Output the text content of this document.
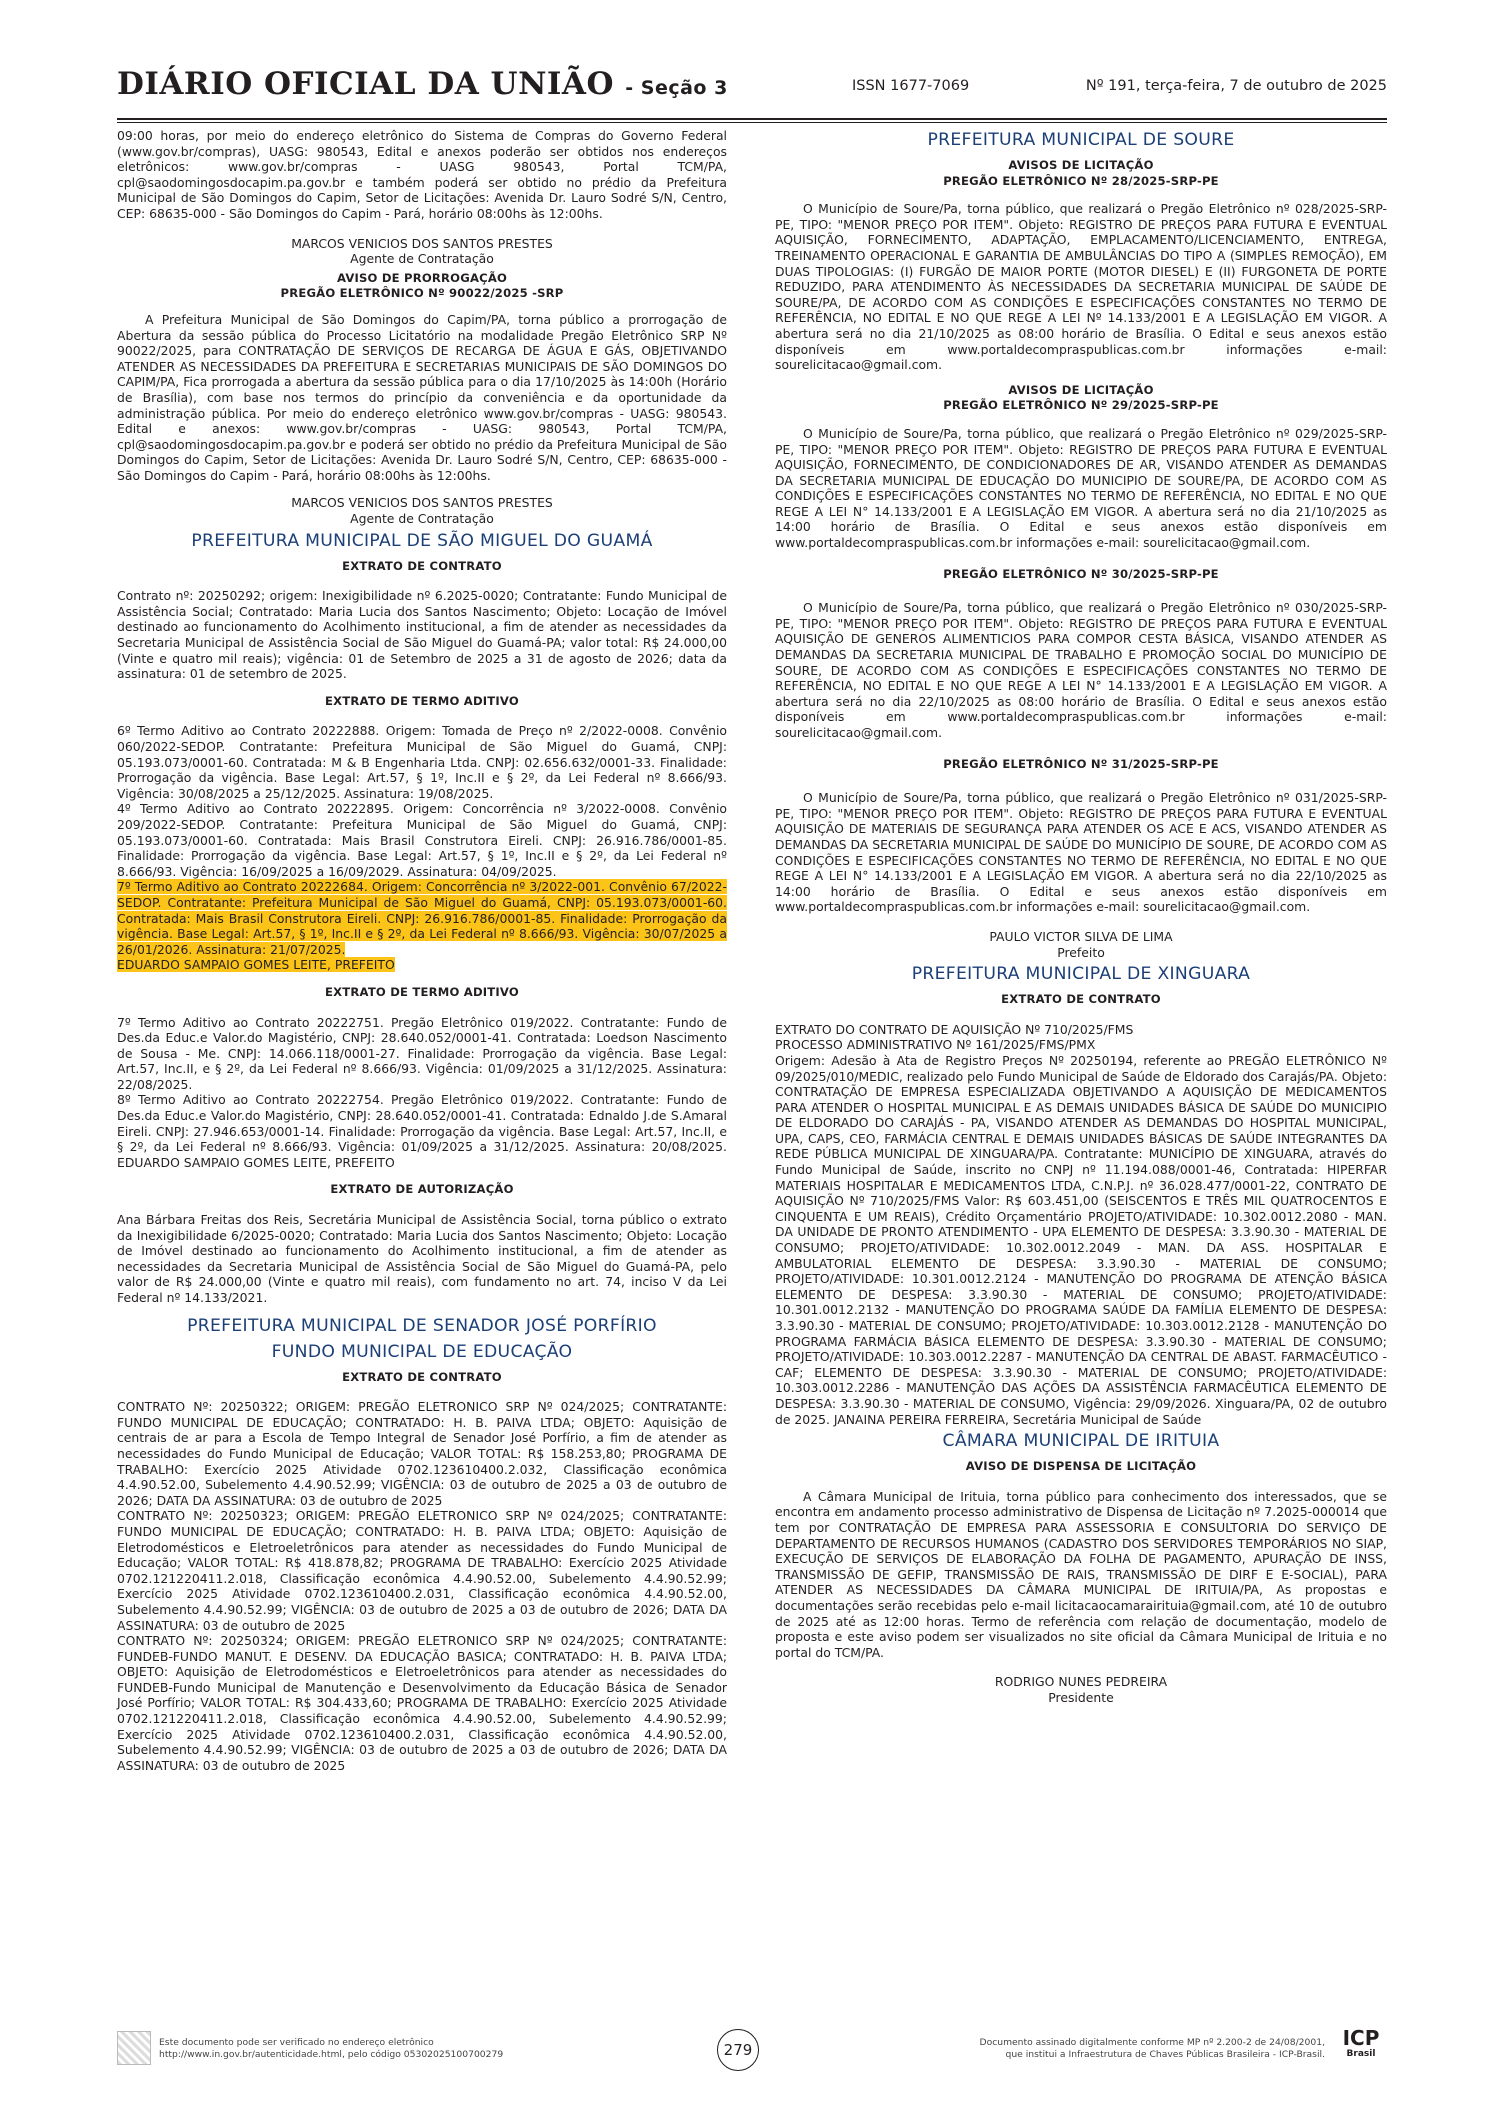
DIÁRIO OFICIAL DA UNIÃO - Seção 3	ISSN 1677-7069	Nº 191, terça-feira, 7 de outubro de 2025

09:00 horas, por meio do endereço eletrônico do Sistema de Compras do Governo Federal (www.gov.br/compras), UASG: 980543, Edital e anexos poderão ser obtidos nos endereços eletrônicos: www.gov.br/compras - UASG 980543, Portal TCM/PA, cpl@saodomingosdocapim.pa.gov.br e também poderá ser obtido no prédio da Prefeitura Municipal de São Domingos do Capim, Setor de Licitações: Avenida Dr. Lauro Sodré S/N, Centro, CEP: 68635-000 - São Domingos do Capim - Pará, horário 08:00hs às 12:00hs.

MARCOS VENICIOS DOS SANTOS PRESTES

Agente de Contratação

AVISO DE PRORROGAÇÃO
PREGÃO ELETRÔNICO Nº 90022/2025 -SRP

A Prefeitura Municipal de São Domingos do Capim/PA, torna público a prorrogação de Abertura da sessão pública do Processo Licitatório na modalidade Pregão Eletrônico SRP Nº 90022/2025, para CONTRATAÇÃO DE SERVIÇOS DE RECARGA DE ÁGUA E GÁS, OBJETIVANDO ATENDER AS NECESSIDADES DA PREFEITURA E SECRETARIAS MUNICIPAIS DE SÃO DOMINGOS DO CAPIM/PA, Fica prorrogada a abertura da sessão pública para o dia 17/10/2025 às 14:00h (Horário de Brasília), com base nos termos do princípio da conveniência e da oportunidade da administração pública. Por meio do endereço eletrônico www.gov.br/compras - UASG: 980543. Edital e anexos: www.gov.br/compras - UASG: 980543, Portal TCM/PA, cpl@saodomingosdocapim.pa.gov.br e poderá ser obtido no prédio da Prefeitura Municipal de São Domingos do Capim, Setor de Licitações: Avenida Dr. Lauro Sodré S/N, Centro, CEP: 68635-000 - São Domingos do Capim - Pará, horário 08:00hs às 12:00hs.

MARCOS VENICIOS DOS SANTOS PRESTES

Agente de Contratação

PREFEITURA MUNICIPAL DE SÃO MIGUEL DO GUAMÁ
EXTRATO DE CONTRATO

Contrato nº: 20250292; origem: Inexigibilidade nº 6.2025-0020; Contratante: Fundo Municipal de Assistência Social; Contratado: Maria Lucia dos Santos Nascimento; Objeto: Locação de Imóvel destinado ao funcionamento do Acolhimento institucional, a fim de atender as necessidades da Secretaria Municipal de Assistência Social de São Miguel do Guamá-PA; valor total: R$ 24.000,00 (Vinte e quatro mil reais); vigência: 01 de Setembro de 2025 a 31 de agosto de 2026; data da assinatura: 01 de setembro de 2025.

EXTRATO DE TERMO ADITIVO

6º Termo Aditivo ao Contrato 20222888. Origem: Tomada de Preço nº 2/2022-0008. Convênio 060/2022-SEDOP. Contratante: Prefeitura Municipal de São Miguel do Guamá, CNPJ: 05.193.073/0001-60. Contratada: M & B Engenharia Ltda. CNPJ: 02.656.632/0001-33. Finalidade: Prorrogação da vigência. Base Legal: Art.57, § 1º, Inc.II e § 2º, da Lei Federal nº 8.666/93. Vigência: 30/08/2025 a 25/12/2025. Assinatura: 19/08/2025.

4º Termo Aditivo ao Contrato 20222895. Origem: Concorrência nº 3/2022-0008. Convênio 209/2022-SEDOP. Contratante: Prefeitura Municipal de São Miguel do Guamá, CNPJ: 05.193.073/0001-60. Contratada: Mais Brasil Construtora Eireli. CNPJ: 26.916.786/0001-85. Finalidade: Prorrogação da vigência. Base Legal: Art.57, § 1º, Inc.II e § 2º, da Lei Federal nº 8.666/93. Vigência: 16/09/2025 a 16/09/2029. Assinatura: 04/09/2025.

7º Termo Aditivo ao Contrato 20222684. Origem: Concorrência nº 3/2022-001. Convênio 67/2022-SEDOP. Contratante: Prefeitura Municipal de São Miguel do Guamá, CNPJ: 05.193.073/0001-60. Contratada: Mais Brasil Construtora Eireli. CNPJ: 26.916.786/0001-85. Finalidade: Prorrogação da vigência. Base Legal: Art.57, § 1º, Inc.II e § 2º, da Lei Federal nº 8.666/93. Vigência: 30/07/2025 a 26/01/2026. Assinatura: 21/07/2025.

EDUARDO SAMPAIO GOMES LEITE, PREFEITO

EXTRATO DE TERMO ADITIVO

7º Termo Aditivo ao Contrato 20222751. Pregão Eletrônico 019/2022. Contratante: Fundo de Des.da Educ.e Valor.do Magistério, CNPJ: 28.640.052/0001-41. Contratada: Loedson Nascimento de Sousa - Me. CNPJ: 14.066.118/0001-27. Finalidade: Prorrogação da vigência. Base Legal: Art.57, Inc.II, e § 2º, da Lei Federal nº 8.666/93. Vigência: 01/09/2025 a 31/12/2025. Assinatura: 22/08/2025.

8º Termo Aditivo ao Contrato 20222754. Pregão Eletrônico 019/2022. Contratante: Fundo de Des.da Educ.e Valor.do Magistério, CNPJ: 28.640.052/0001-41. Contratada: Ednaldo J.de S.Amaral Eireli. CNPJ: 27.946.653/0001-14. Finalidade: Prorrogação da vigência. Base Legal: Art.57, Inc.II, e § 2º, da Lei Federal nº 8.666/93. Vigência: 01/09/2025 a 31/12/2025. Assinatura: 20/08/2025. EDUARDO SAMPAIO GOMES LEITE, PREFEITO

EXTRATO DE AUTORIZAÇÃO

Ana Bárbara Freitas dos Reis, Secretária Municipal de Assistência Social, torna público o extrato da Inexigibilidade 6/2025-0020; Contratado: Maria Lucia dos Santos Nascimento; Objeto: Locação de Imóvel destinado ao funcionamento do Acolhimento institucional, a fim de atender as necessidades da Secretaria Municipal de Assistência Social de São Miguel do Guamá-PA, pelo valor de R$ 24.000,00 (Vinte e quatro mil reais), com fundamento no art. 74, inciso V da Lei Federal nº 14.133/2021.

PREFEITURA MUNICIPAL DE SENADOR JOSÉ PORFÍRIO
FUNDO MUNICIPAL DE EDUCAÇÃO
EXTRATO DE CONTRATO

CONTRATO Nº: 20250322; ORIGEM: PREGÃO ELETRONICO SRP Nº 024/2025; CONTRATANTE: FUNDO MUNICIPAL DE EDUCAÇÃO; CONTRATADO: H. B. PAIVA LTDA; OBJETO: Aquisição de centrais de ar para a Escola de Tempo Integral de Senador José Porfírio, a fim de atender as necessidades do Fundo Municipal de Educação; VALOR TOTAL: R$ 158.253,80; PROGRAMA DE TRABALHO: Exercício 2025 Atividade 0702.123610400.2.032, Classificação econômica 4.4.90.52.00, Subelemento 4.4.90.52.99; VIGÊNCIA: 03 de outubro de 2025 a 03 de outubro de 2026; DATA DA ASSINATURA: 03 de outubro de 2025

CONTRATO Nº: 20250323; ORIGEM: PREGÃO ELETRONICO SRP Nº 024/2025; CONTRATANTE: FUNDO MUNICIPAL DE EDUCAÇÃO; CONTRATADO: H. B. PAIVA LTDA; OBJETO: Aquisição de Eletrodomésticos e Eletroeletrônicos para atender as necessidades do Fundo Municipal de Educação; VALOR TOTAL: R$ 418.878,82; PROGRAMA DE TRABALHO: Exercício 2025 Atividade 0702.121220411.2.018, Classificação econômica 4.4.90.52.00, Subelemento 4.4.90.52.99; Exercício 2025 Atividade 0702.123610400.2.031, Classificação econômica 4.4.90.52.00, Subelemento 4.4.90.52.99; VIGÊNCIA: 03 de outubro de 2025 a 03 de outubro de 2026; DATA DA ASSINATURA: 03 de outubro de 2025

CONTRATO Nº: 20250324; ORIGEM: PREGÃO ELETRONICO SRP Nº 024/2025; CONTRATANTE: FUNDEB-FUNDO MANUT. E DESENV. DA EDUCAÇÃO BASICA; CONTRATADO: H. B. PAIVA LTDA; OBJETO: Aquisição de Eletrodomésticos e Eletroeletrônicos para atender as necessidades do FUNDEB-Fundo Municipal de Manutenção e Desenvolvimento da Educação Básica de Senador José Porfírio; VALOR TOTAL: R$ 304.433,60; PROGRAMA DE TRABALHO: Exercício 2025 Atividade 0702.121220411.2.018, Classificação econômica 4.4.90.52.00, Subelemento 4.4.90.52.99; Exercício 2025 Atividade 0702.123610400.2.031, Classificação econômica 4.4.90.52.00, Subelemento 4.4.90.52.99; VIGÊNCIA: 03 de outubro de 2025 a 03 de outubro de 2026; DATA DA ASSINATURA: 03 de outubro de 2025

PREFEITURA MUNICIPAL DE SOURE
AVISOS DE LICITAÇÃO
PREGÃO ELETRÔNICO Nº 28/2025-SRP-PE

O Município de Soure/Pa, torna público, que realizará o Pregão Eletrônico nº 028/2025-SRP-PE, TIPO: "MENOR PREÇO POR ITEM". Objeto: REGISTRO DE PREÇOS PARA FUTURA E EVENTUAL AQUISIÇÃO, FORNECIMENTO, ADAPTAÇÃO, EMPLACAMENTO/LICENCIAMENTO, ENTREGA, TREINAMENTO OPERACIONAL E GARANTIA DE AMBULÂNCIAS DO TIPO A (SIMPLES REMOÇÃO), EM DUAS TIPOLOGIAS: (I) FURGÃO DE MAIOR PORTE (MOTOR DIESEL) E (II) FURGONETA DE PORTE REDUZIDO, PARA ATENDIMENTO ÀS NECESSIDADES DA SECRETARIA MUNICIPAL DE SAÚDE DE SOURE/PA, DE ACORDO COM AS CONDIÇÕES E ESPECIFICAÇÕES CONSTANTES NO TERMO DE REFERÊNCIA, NO EDITAL E NO QUE REGE A LEI Nº 14.133/2001 E A LEGISLAÇÃO EM VIGOR. A abertura será no dia 21/10/2025 as 08:00 horário de Brasília. O Edital e seus anexos estão disponíveis em www.portaldecompraspublicas.com.br informações e-mail: sourelicitacao@gmail.com.

AVISOS DE LICITAÇÃO
PREGÃO ELETRÔNICO Nº 29/2025-SRP-PE

O Município de Soure/Pa, torna público, que realizará o Pregão Eletrônico nº 029/2025-SRP-PE, TIPO: "MENOR PREÇO POR ITEM". Objeto: REGISTRO DE PREÇOS PARA FUTURA E EVENTUAL AQUISIÇÃO, FORNECIMENTO, DE CONDICIONADORES DE AR, VISANDO ATENDER AS DEMANDAS DA SECRETARIA MUNICIPAL DE EDUCAÇÃO DO MUNICIPIO DE SOURE/PA, DE ACORDO COM AS CONDIÇÕES E ESPECIFICAÇÕES CONSTANTES NO TERMO DE REFERÊNCIA, NO EDITAL E NO QUE REGE A LEI N° 14.133/2001 E A LEGISLAÇÃO EM VIGOR. A abertura será no dia 21/10/2025 as 14:00 horário de Brasília. O Edital e seus anexos estão disponíveis em www.portaldecompraspublicas.com.br informações e-mail: sourelicitacao@gmail.com.

PREGÃO ELETRÔNICO Nº 30/2025-SRP-PE

O Município de Soure/Pa, torna público, que realizará o Pregão Eletrônico nº 030/2025-SRP-PE, TIPO: "MENOR PREÇO POR ITEM". Objeto: REGISTRO DE PREÇOS PARA FUTURA E EVENTUAL AQUISIÇÃO DE GENEROS ALIMENTICIOS PARA COMPOR CESTA BÁSICA, VISANDO ATENDER AS DEMANDAS DA SECRETARIA MUNICIPAL DE TRABALHO E PROMOÇÃO SOCIAL DO MUNICÍPIO DE SOURE, DE ACORDO COM AS CONDIÇÕES E ESPECIFICAÇÕES CONSTANTES NO TERMO DE REFERÊNCIA, NO EDITAL E NO QUE REGE A LEI N° 14.133/2001 E A LEGISLAÇÃO EM VIGOR. A abertura será no dia 22/10/2025 as 08:00 horário de Brasília. O Edital e seus anexos estão disponíveis em www.portaldecompraspublicas.com.br informações e-mail: sourelicitacao@gmail.com.

PREGÃO ELETRÔNICO Nº 31/2025-SRP-PE

O Município de Soure/Pa, torna público, que realizará o Pregão Eletrônico nº 031/2025-SRP-PE, TIPO: "MENOR PREÇO POR ITEM". Objeto: REGISTRO DE PREÇOS PARA FUTURA E EVENTUAL AQUISIÇÃO DE MATERIAIS DE SEGURANÇA PARA ATENDER OS ACE E ACS, VISANDO ATENDER AS DEMANDAS DA SECRETARIA MUNICIPAL DE SAÚDE DO MUNICÍPIO DE SOURE, DE ACORDO COM AS CONDIÇÕES E ESPECIFICAÇÕES CONSTANTES NO TERMO DE REFERÊNCIA, NO EDITAL E NO QUE REGE A LEI N° 14.133/2001 E A LEGISLAÇÃO EM VIGOR. A abertura será no dia 22/10/2025 as 14:00 horário de Brasília. O Edital e seus anexos estão disponíveis em www.portaldecompraspublicas.com.br informações e-mail: sourelicitacao@gmail.com.

PAULO VICTOR SILVA DE LIMA

Prefeito

PREFEITURA MUNICIPAL DE XINGUARA
EXTRATO DE CONTRATO

EXTRATO DO CONTRATO DE AQUISIÇÃO Nº 710/2025/FMS

PROCESSO ADMINISTRATIVO Nº 161/2025/FMS/PMX

Origem: Adesão à Ata de Registro Preços Nº 20250194, referente ao PREGÃO ELETRÔNICO Nº 09/2025/010/MEDIC, realizado pelo Fundo Municipal de Saúde de Eldorado dos Carajás/PA. Objeto: CONTRATAÇÃO DE EMPRESA ESPECIALIZADA OBJETIVANDO A AQUISIÇÃO DE MEDICAMENTOS PARA ATENDER O HOSPITAL MUNICIPAL E AS DEMAIS UNIDADES BÁSICA DE SAÚDE DO MUNICIPIO DE ELDORADO DO CARAJÁS - PA, VISANDO ATENDER AS DEMANDAS DO HOSPITAL MUNICIPAL, UPA, CAPS, CEO, FARMÁCIA CENTRAL E DEMAIS UNIDADES BÁSICAS DE SAÚDE INTEGRANTES DA REDE PÚBLICA MUNICIPAL DE XINGUARA/PA. Contratante: MUNICÍPIO DE XINGUARA, através do Fundo Municipal de Saúde, inscrito no CNPJ nº 11.194.088/0001-46, Contratada: HIPERFAR MATERIAIS HOSPITALAR E MEDICAMENTOS LTDA, C.N.P.J. nº 36.028.477/0001-22, CONTRATO DE AQUISIÇÃO Nº 710/2025/FMS Valor: R$ 603.451,00 (SEISCENTOS E TRÊS MIL QUATROCENTOS E CINQUENTA E UM REAIS), Crédito Orçamentário PROJETO/ATIVIDADE: 10.302.0012.2080 - MAN. DA UNIDADE DE PRONTO ATENDIMENTO - UPA ELEMENTO DE DESPESA: 3.3.90.30 - MATERIAL DE CONSUMO; PROJETO/ATIVIDADE: 10.302.0012.2049 - MAN. DA ASS. HOSPITALAR E AMBULATORIAL ELEMENTO DE DESPESA: 3.3.90.30 - MATERIAL DE CONSUMO; PROJETO/ATIVIDADE: 10.301.0012.2124 - MANUTENÇÃO DO PROGRAMA DE ATENÇÃO BÁSICA ELEMENTO DE DESPESA: 3.3.90.30 - MATERIAL DE CONSUMO; PROJETO/ATIVIDADE: 10.301.0012.2132 - MANUTENÇÃO DO PROGRAMA SAÚDE DA FAMÍLIA ELEMENTO DE DESPESA: 3.3.90.30 - MATERIAL DE CONSUMO; PROJETO/ATIVIDADE: 10.303.0012.2128 - MANUTENÇÃO DO PROGRAMA FARMÁCIA BÁSICA ELEMENTO DE DESPESA: 3.3.90.30 - MATERIAL DE CONSUMO; PROJETO/ATIVIDADE: 10.303.0012.2287 - MANUTENÇÃO DA CENTRAL DE ABAST. FARMACÊUTICO - CAF; ELEMENTO DE DESPESA: 3.3.90.30 - MATERIAL DE CONSUMO; PROJETO/ATIVIDADE: 10.303.0012.2286 - MANUTENÇÃO DAS AÇÕES DA ASSISTÊNCIA FARMACÊUTICA ELEMENTO DE DESPESA: 3.3.90.30 - MATERIAL DE CONSUMO, Vigência: 29/09/2026. Xinguara/PA, 02 de outubro de 2025. JANAINA PEREIRA FERREIRA, Secretária Municipal de Saúde

CÂMARA MUNICIPAL DE IRITUIA
AVISO DE DISPENSA DE LICITAÇÃO

A Câmara Municipal de Irituia, torna público para conhecimento dos interessados, que se encontra em andamento processo administrativo de Dispensa de Licitação nº 7.2025-000014 que tem por CONTRATAÇÃO DE EMPRESA PARA ASSESSORIA E CONSULTORIA DO SERVIÇO DE DEPARTAMENTO DE RECURSOS HUMANOS (CADASTRO DOS SERVIDORES TEMPORÁRIOS NO SIAP, EXECUÇÃO DE SERVIÇOS DE ELABORAÇÃO DA FOLHA DE PAGAMENTO, APURAÇÃO DE INSS, TRANSMISSÃO DE GEFIP, TRANSMISSÃO DE RAIS, TRANSMISSÃO DE DIRF E E-SOCIAL), PARA ATENDER AS NECESSIDADES DA CÂMARA MUNICIPAL DE IRITUIA/PA, As propostas e documentações serão recebidas pelo e-mail licitacaocamarairituia@gmail.com, até 10 de outubro de 2025 até as 12:00 horas. Termo de referência com relação de documentação, modelo de proposta e este aviso podem ser visualizados no site oficial da Câmara Municipal de Irituia e no portal do TCM/PA.

RODRIGO NUNES PEDREIRA

Presidente

Este documento pode ser verificado no endereço eletrônico
http://www.in.gov.br/autenticidade.html, pelo código 05302025100700279	279	Documento assinado digitalmente conforme MP nº 2.200-2 de 24/08/2001,
que institui a Infraestrutura de Chaves Públicas Brasileira - ICP-Brasil.
ICP
Brasil
